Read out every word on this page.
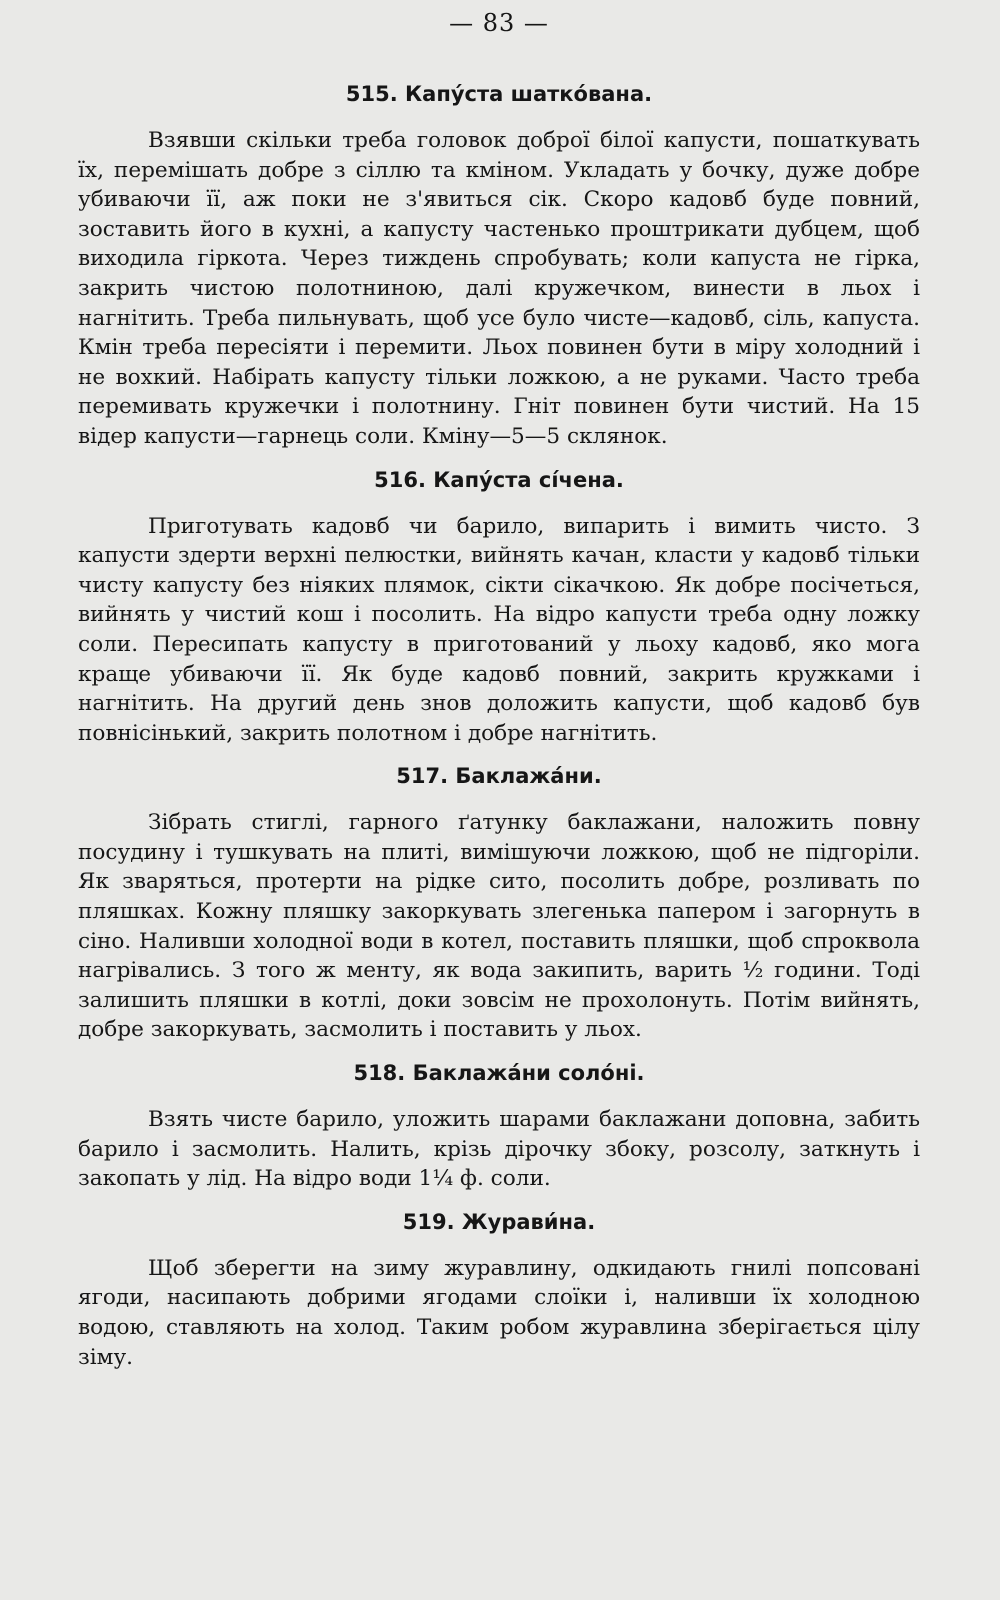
— 83 —
515. Капу́ста шатко́вана.

Взявши скільки треба головок доброї білої капусти, пошаткувать їх, перемішать добре з сіллю та кміном. Укладать у бочку, дуже добре убиваючи її, аж поки не з'явиться сік. Скоро кадовб буде повний, зоставить його в кухні, а капусту частенько проштрикати дубцем, щоб виходила гіркота. Через тиждень спробувать; коли капуста не гірка, закрить чистою полотниною, далі кружечком, винести в льох і нагнітить. Треба пильнувать, щоб усе було чисте—кадовб, сіль, капуста. Кмін треба пересіяти і перемити. Льох повинен бути в міру холодний і не вохкий. Набірать капусту тільки ложкою, а не руками. Часто треба перемивать кружечки і полотнину. Гніт повинен бути чистий. На 15 відер капусти—гарнець соли. Кміну—5—5 склянок.

516. Капу́ста сі́чена.

Приготувать кадовб чи барило, випарить і вимить чисто. З капусти здерти верхні пелюстки, вийнять качан, класти у кадовб тільки чисту капусту без ніяких плямок, сікти сікачкою. Як добре посічеться, вийнять у чистий кош і посолить. На відро капусти треба одну ложку соли. Пересипать капусту в приготований у льоху кадовб, яко мога краще убиваючи її. Як буде кадовб повний, закрить кружками і нагнітить. На другий день знов доложить капусти, щоб кадовб був повнісінький, закрить полотном і добре нагнітить.

517. Баклажа́ни.

Зібрать стиглі, гарного ґатунку баклажани, наложить повну посудину і тушкувать на плиті, вимішуючи ложкою, щоб не підгоріли. Як зваряться, протерти на рідке сито, посолить добре, розливать по пляшках. Кожну пляшку закоркувать злегенька папером і загорнуть в сіно. Наливши холодної води в котел, поставить пляшки, щоб спроквола нагрівались. З того ж менту, як вода закипить, варить ½ години. Тоді залишить пляшки в котлі, доки зовсім не прохолонуть. Потім вийнять, добре закоркувать, засмолить і поставить у льох.

518. Баклажа́ни соло́ні.

Взять чисте барило, уложить шарами баклажани доповна, забить барило і засмолить. Налить, крізь дірочку збоку, розсолу, заткнуть і закопать у лід. На відро води 1¼ ф. соли.

519. Журави́на.

Щоб зберегти на зиму журавлину, одкидають гнилі попсовані ягоди, насипають добрими ягодами слоїки і, наливши їх холодною водою, ставляють на холод. Таким робом журавлина зберігається цілу зіму.
